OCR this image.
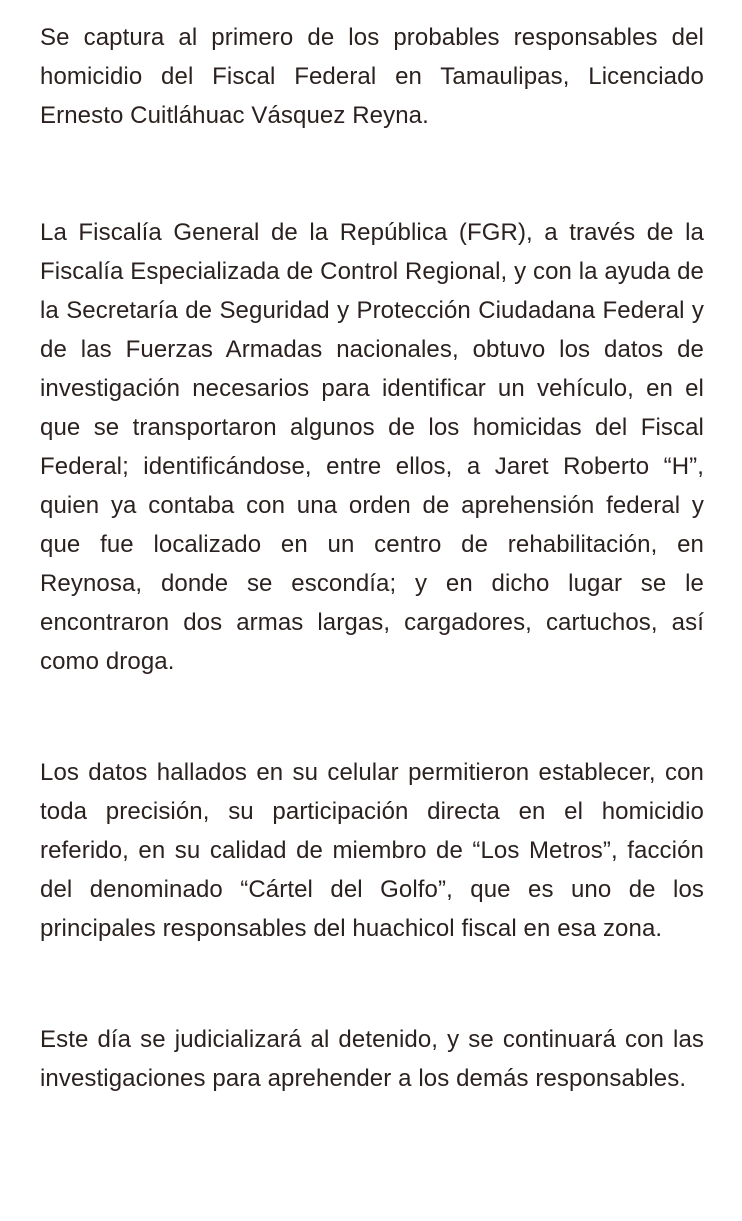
Se captura al primero de los probables responsables del homicidio del Fiscal Federal en Tamaulipas, Licenciado Ernesto Cuitláhuac Vásquez Reyna.

La Fiscalía General de la República (FGR), a través de la Fiscalía Especializada de Control Regional, y con la ayuda de la Secretaría de Seguridad y Protección Ciudadana Federal y de las Fuerzas Armadas nacionales, obtuvo los datos de investigación necesarios para identificar un vehículo, en el que se transportaron algunos de los homicidas del Fiscal Federal; identificándose, entre ellos, a Jaret Roberto “H”, quien ya contaba con una orden de aprehensión federal y que fue localizado en un centro de rehabilitación, en Reynosa, donde se escondía; y en dicho lugar se le encontraron dos armas largas, cargadores, cartuchos, así como droga.

Los datos hallados en su celular permitieron establecer, con toda precisión, su participación directa en el homicidio referido, en su calidad de miembro de “Los Metros”, facción del denominado “Cártel del Golfo”, que es uno de los principales responsables del huachicol fiscal en esa zona.

Este día se judicializará al detenido, y se continuará con las investigaciones para aprehender a los demás responsables.
